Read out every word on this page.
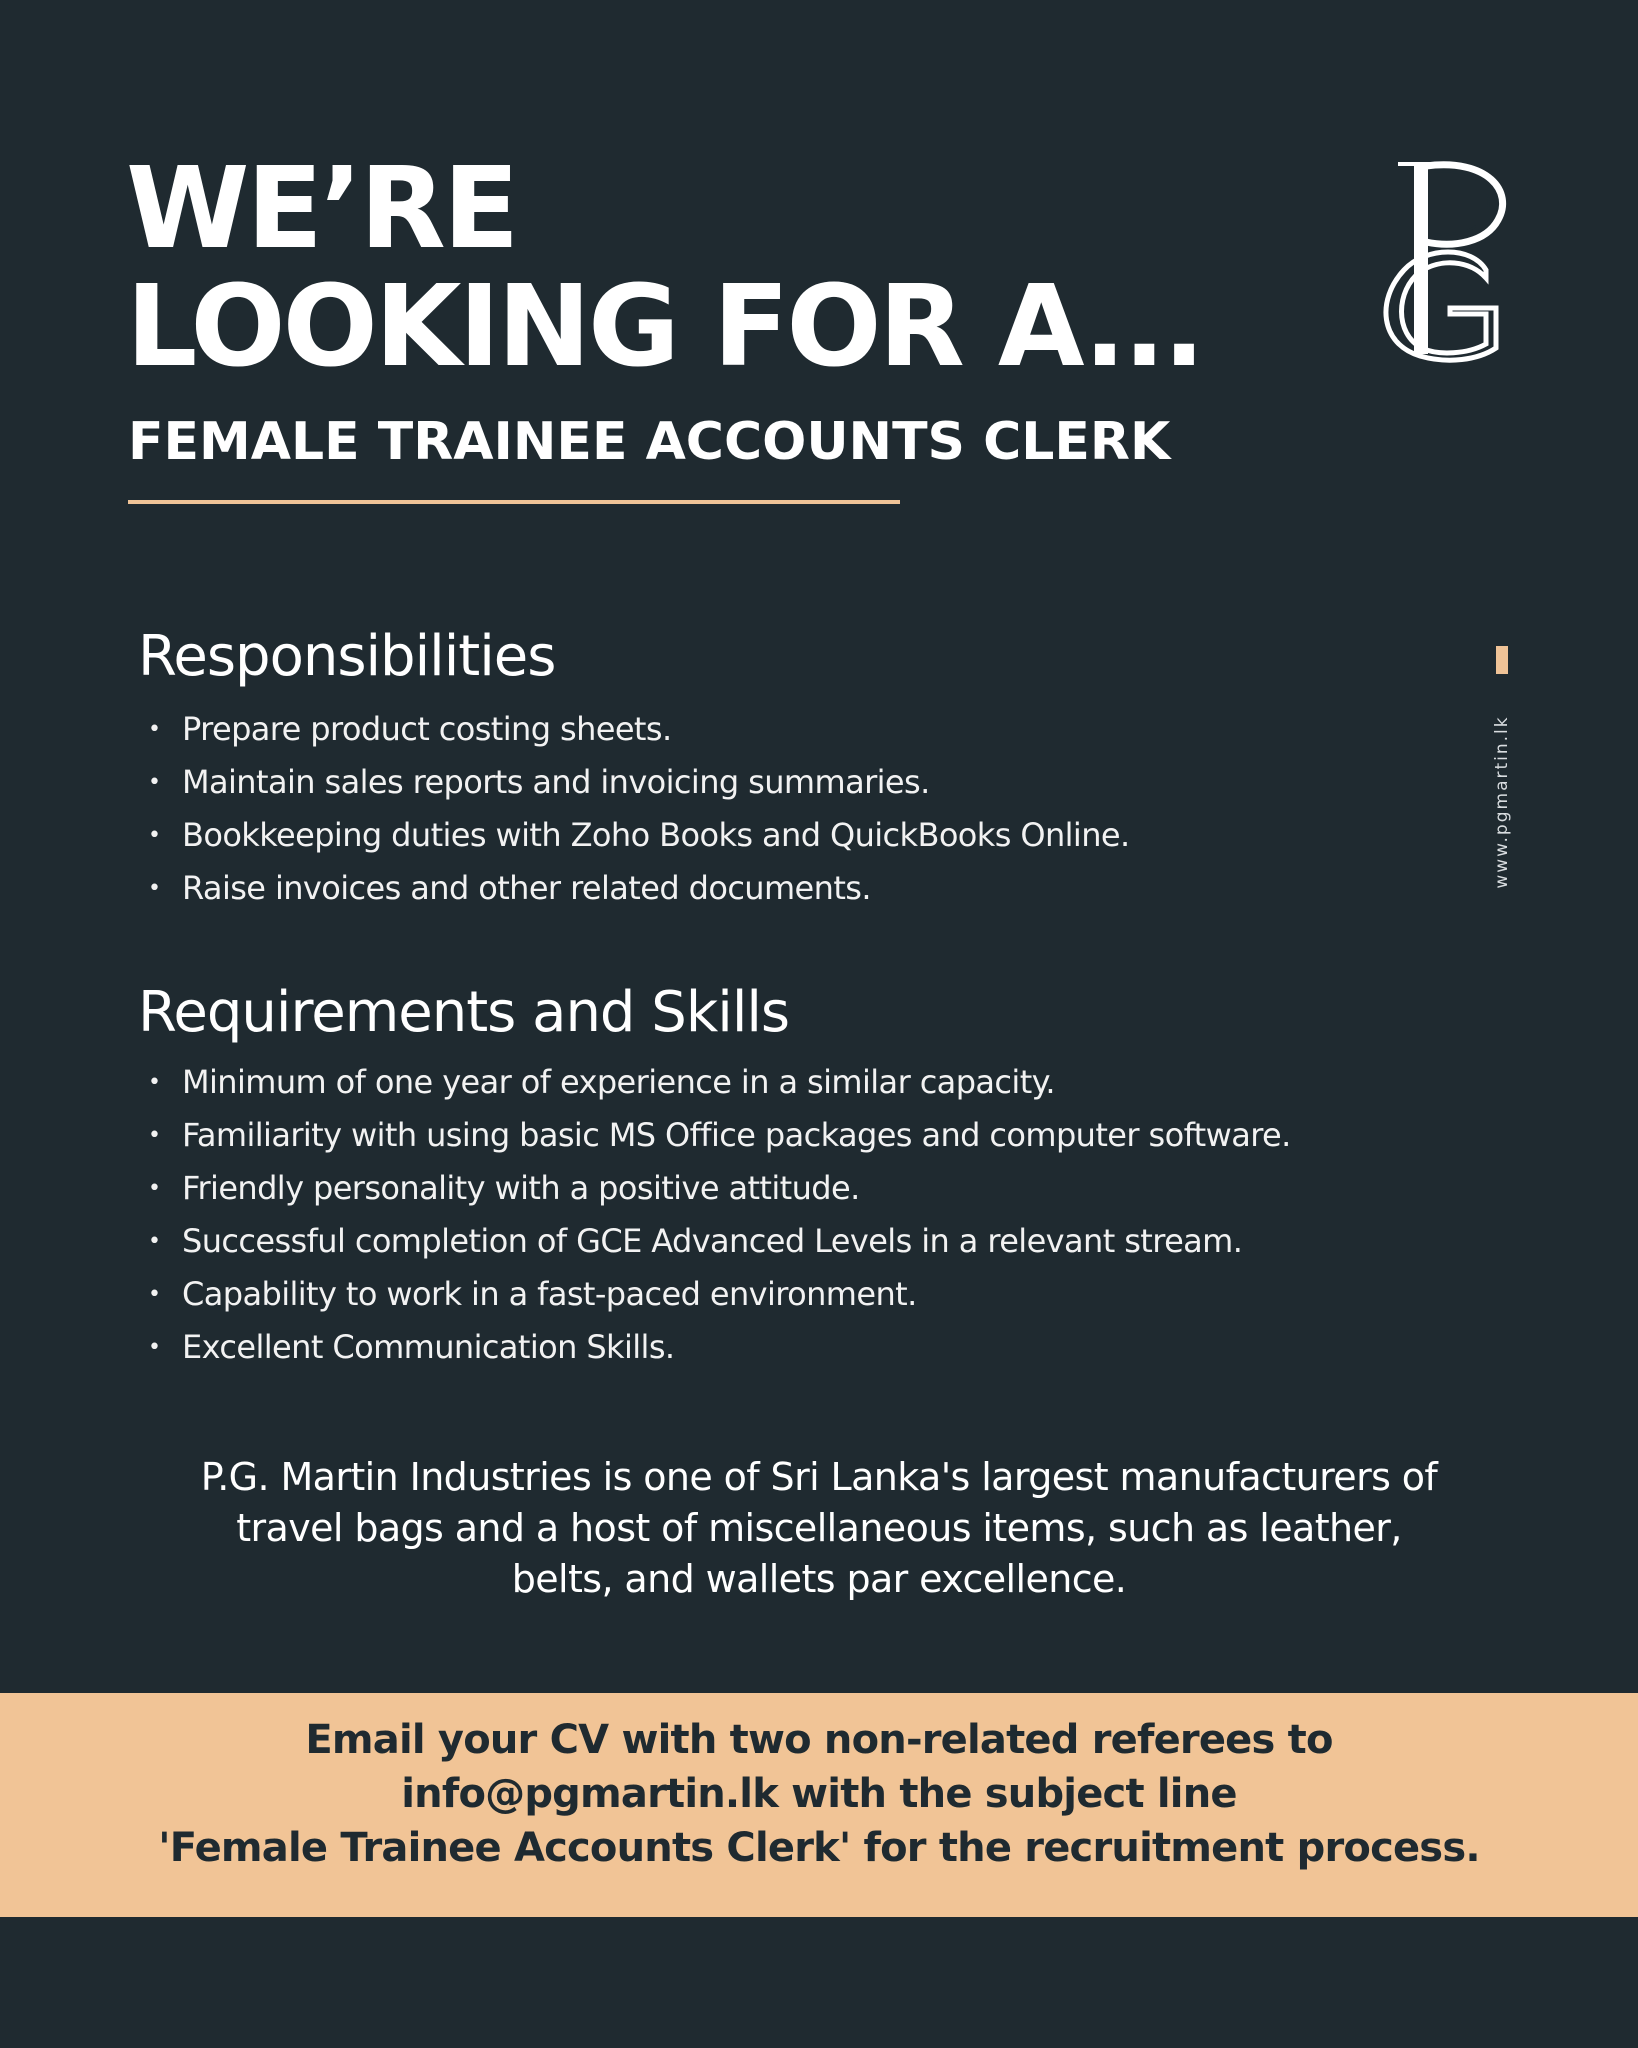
WE’RE
LOOKING FOR A...
FEMALE TRAINEE ACCOUNTS CLERK
www.pgmartin.lk
Responsibilities
• Prepare product costing sheets.
• Maintain sales reports and invoicing summaries.
• Bookkeeping duties with Zoho Books and QuickBooks Online.
• Raise invoices and other related documents.
Requirements and Skills
• Minimum of one year of experience in a similar capacity.
• Familiarity with using basic MS Office packages and computer software.
• Friendly personality with a positive attitude.
• Successful completion of GCE Advanced Levels in a relevant stream.
• Capability to work in a fast-paced environment.
• Excellent Communication Skills.

P.G. Martin Industries is one of Sri Lanka's largest manufacturers of
travel bags and a host of miscellaneous items, such as leather,
belts, and wallets par excellence.

Email your CV with two non-related referees to
info@pgmartin.lk with the subject line
'Female Trainee Accounts Clerk' for the recruitment process.
